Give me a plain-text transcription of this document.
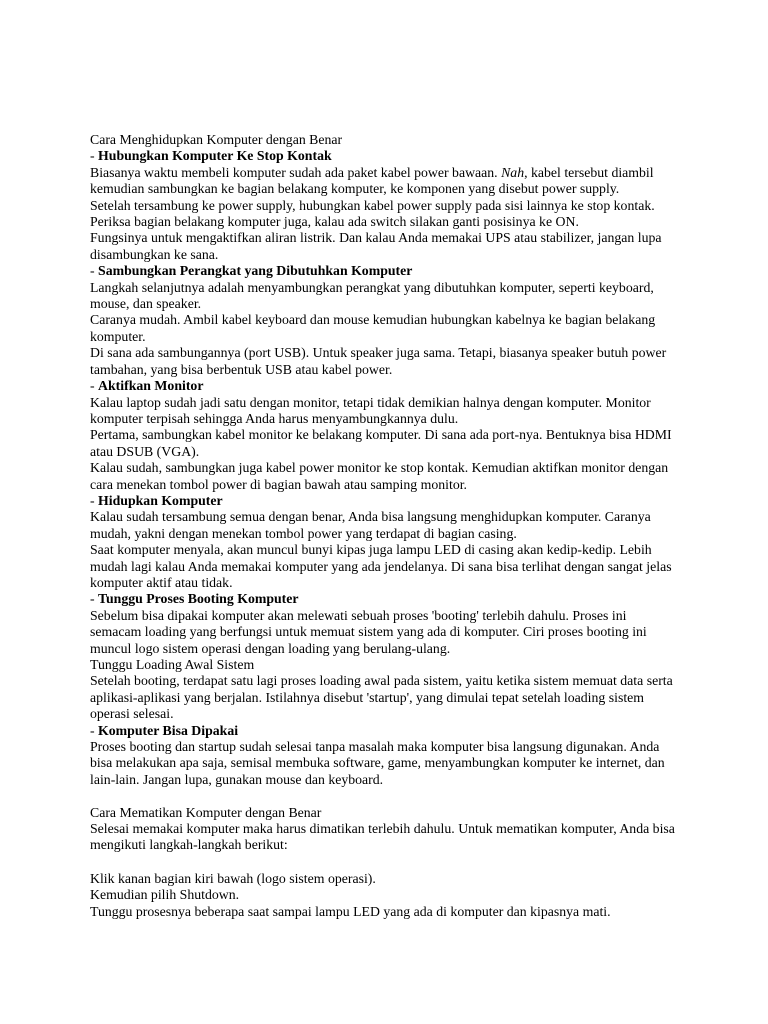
Cara Menghidupkan Komputer dengan Benar
- Hubungkan Komputer Ke Stop Kontak
Biasanya waktu membeli komputer sudah ada paket kabel power bawaan. Nah, kabel tersebut diambil
kemudian sambungkan ke bagian belakang komputer, ke komponen yang disebut power supply.
Setelah tersambung ke power supply, hubungkan kabel power supply pada sisi lainnya ke stop kontak.
Periksa bagian belakang komputer juga, kalau ada switch silakan ganti posisinya ke ON.
Fungsinya untuk mengaktifkan aliran listrik. Dan kalau Anda memakai UPS atau stabilizer, jangan lupa
disambungkan ke sana.
- Sambungkan Perangkat yang Dibutuhkan Komputer
Langkah selanjutnya adalah menyambungkan perangkat yang dibutuhkan komputer, seperti keyboard,
mouse, dan speaker.
Caranya mudah. Ambil kabel keyboard dan mouse kemudian hubungkan kabelnya ke bagian belakang
komputer.
Di sana ada sambungannya (port USB). Untuk speaker juga sama. Tetapi, biasanya speaker butuh power
tambahan, yang bisa berbentuk USB atau kabel power.
- Aktifkan Monitor
Kalau laptop sudah jadi satu dengan monitor, tetapi tidak demikian halnya dengan komputer. Monitor
komputer terpisah sehingga Anda harus menyambungkannya dulu.
Pertama, sambungkan kabel monitor ke belakang komputer. Di sana ada port-nya. Bentuknya bisa HDMI
atau DSUB (VGA).
Kalau sudah, sambungkan juga kabel power monitor ke stop kontak. Kemudian aktifkan monitor dengan
cara menekan tombol power di bagian bawah atau samping monitor.
- Hidupkan Komputer
Kalau sudah tersambung semua dengan benar, Anda bisa langsung menghidupkan komputer. Caranya
mudah, yakni dengan menekan tombol power yang terdapat di bagian casing.
Saat komputer menyala, akan muncul bunyi kipas juga lampu LED di casing akan kedip-kedip. Lebih
mudah lagi kalau Anda memakai komputer yang ada jendelanya. Di sana bisa terlihat dengan sangat jelas
komputer aktif atau tidak.
- Tunggu Proses Booting Komputer
Sebelum bisa dipakai komputer akan melewati sebuah proses 'booting' terlebih dahulu. Proses ini
semacam loading yang berfungsi untuk memuat sistem yang ada di komputer. Ciri proses booting ini
muncul logo sistem operasi dengan loading yang berulang-ulang.
Tunggu Loading Awal Sistem
Setelah booting, terdapat satu lagi proses loading awal pada sistem, yaitu ketika sistem memuat data serta
aplikasi-aplikasi yang berjalan. Istilahnya disebut 'startup', yang dimulai tepat setelah loading sistem
operasi selesai.
- Komputer Bisa Dipakai
Proses booting dan startup sudah selesai tanpa masalah maka komputer bisa langsung digunakan. Anda
bisa melakukan apa saja, semisal membuka software, game, menyambungkan komputer ke internet, dan
lain-lain. Jangan lupa, gunakan mouse dan keyboard.
Cara Mematikan Komputer dengan Benar
Selesai memakai komputer maka harus dimatikan terlebih dahulu. Untuk mematikan komputer, Anda bisa
mengikuti langkah-langkah berikut:
Klik kanan bagian kiri bawah (logo sistem operasi).
Kemudian pilih Shutdown.
Tunggu prosesnya beberapa saat sampai lampu LED yang ada di komputer dan kipasnya mati.
